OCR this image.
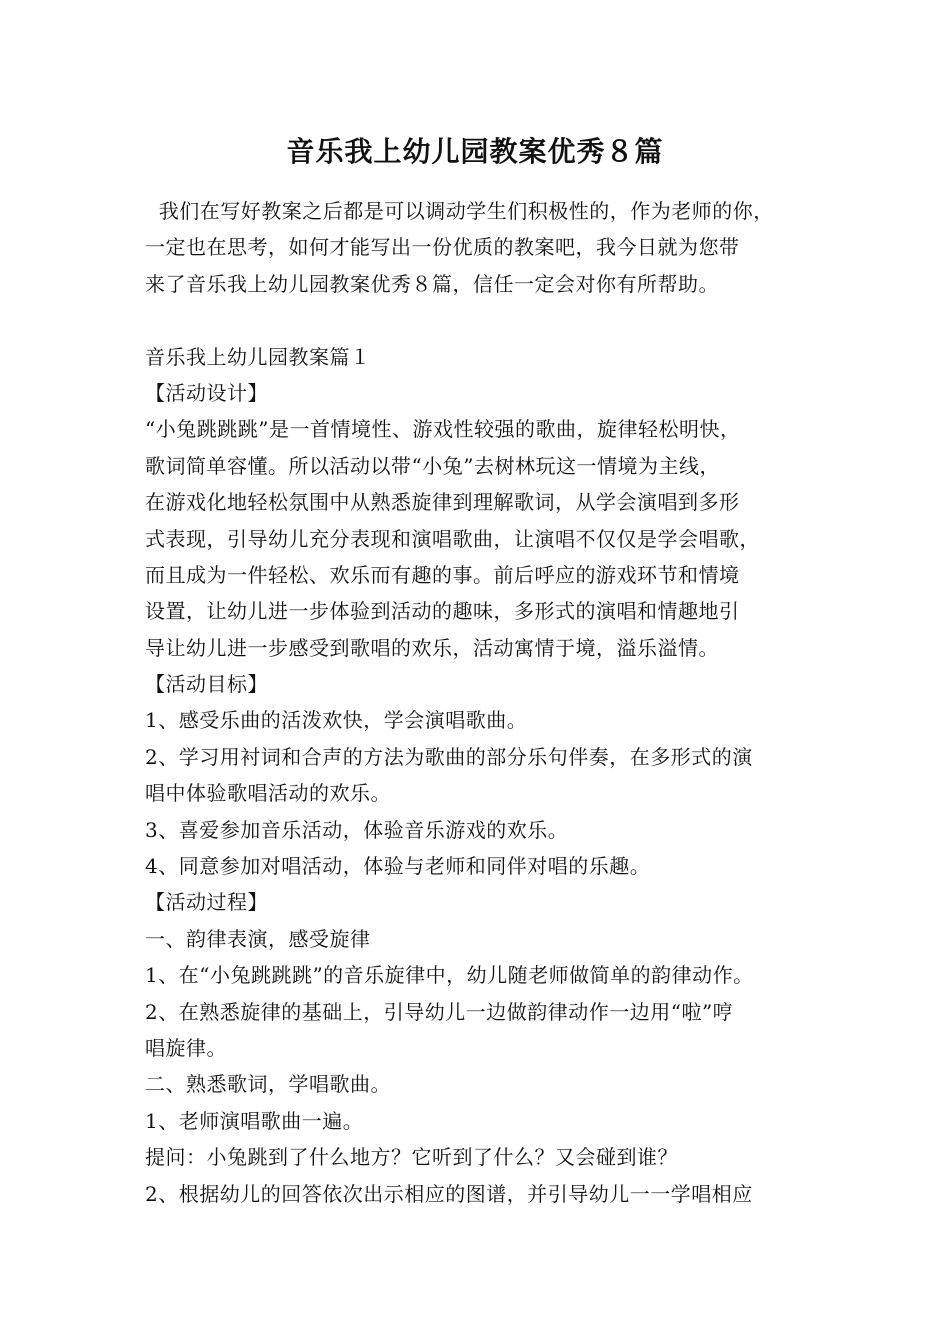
音乐我上幼儿园教案优秀８篇
我们在写好教案之后都是可以调动学生们积极性的，作为老师的你，
一定也在思考，如何才能写出一份优质的教案吧，我今日就为您带
来了音乐我上幼儿园教案优秀８篇，信任一定会对你有所帮助。
音乐我上幼儿园教案篇１
【活动设计】
“小兔跳跳跳”是一首情境性、游戏性较强的歌曲，旋律轻松明快，
歌词简单容懂。所以活动以带“小兔”去树林玩这一情境为主线，
在游戏化地轻松氛围中从熟悉旋律到理解歌词，从学会演唱到多形
式表现，引导幼儿充分表现和演唱歌曲，让演唱不仅仅是学会唱歌，
而且成为一件轻松、欢乐而有趣的事。前后呼应的游戏环节和情境
设置，让幼儿进一步体验到活动的趣味，多形式的演唱和情趣地引
导让幼儿进一步感受到歌唱的欢乐，活动寓情于境，溢乐溢情。
【活动目标】
1、感受乐曲的活泼欢快，学会演唱歌曲。
2、学习用衬词和合声的方法为歌曲的部分乐句伴奏，在多形式的演
唱中体验歌唱活动的欢乐。
3、喜爱参加音乐活动，体验音乐游戏的欢乐。
4、同意参加对唱活动，体验与老师和同伴对唱的乐趣。
【活动过程】
一、韵律表演，感受旋律
1、在“小兔跳跳跳”的音乐旋律中，幼儿随老师做简单的韵律动作。
2、在熟悉旋律的基础上，引导幼儿一边做韵律动作一边用“啦”哼
唱旋律。
二、熟悉歌词，学唱歌曲。
1、老师演唱歌曲一遍。
提问：小兔跳到了什么地方？它听到了什么？又会碰到谁？
2、根据幼儿的回答依次出示相应的图谱，并引导幼儿一一学唱相应
